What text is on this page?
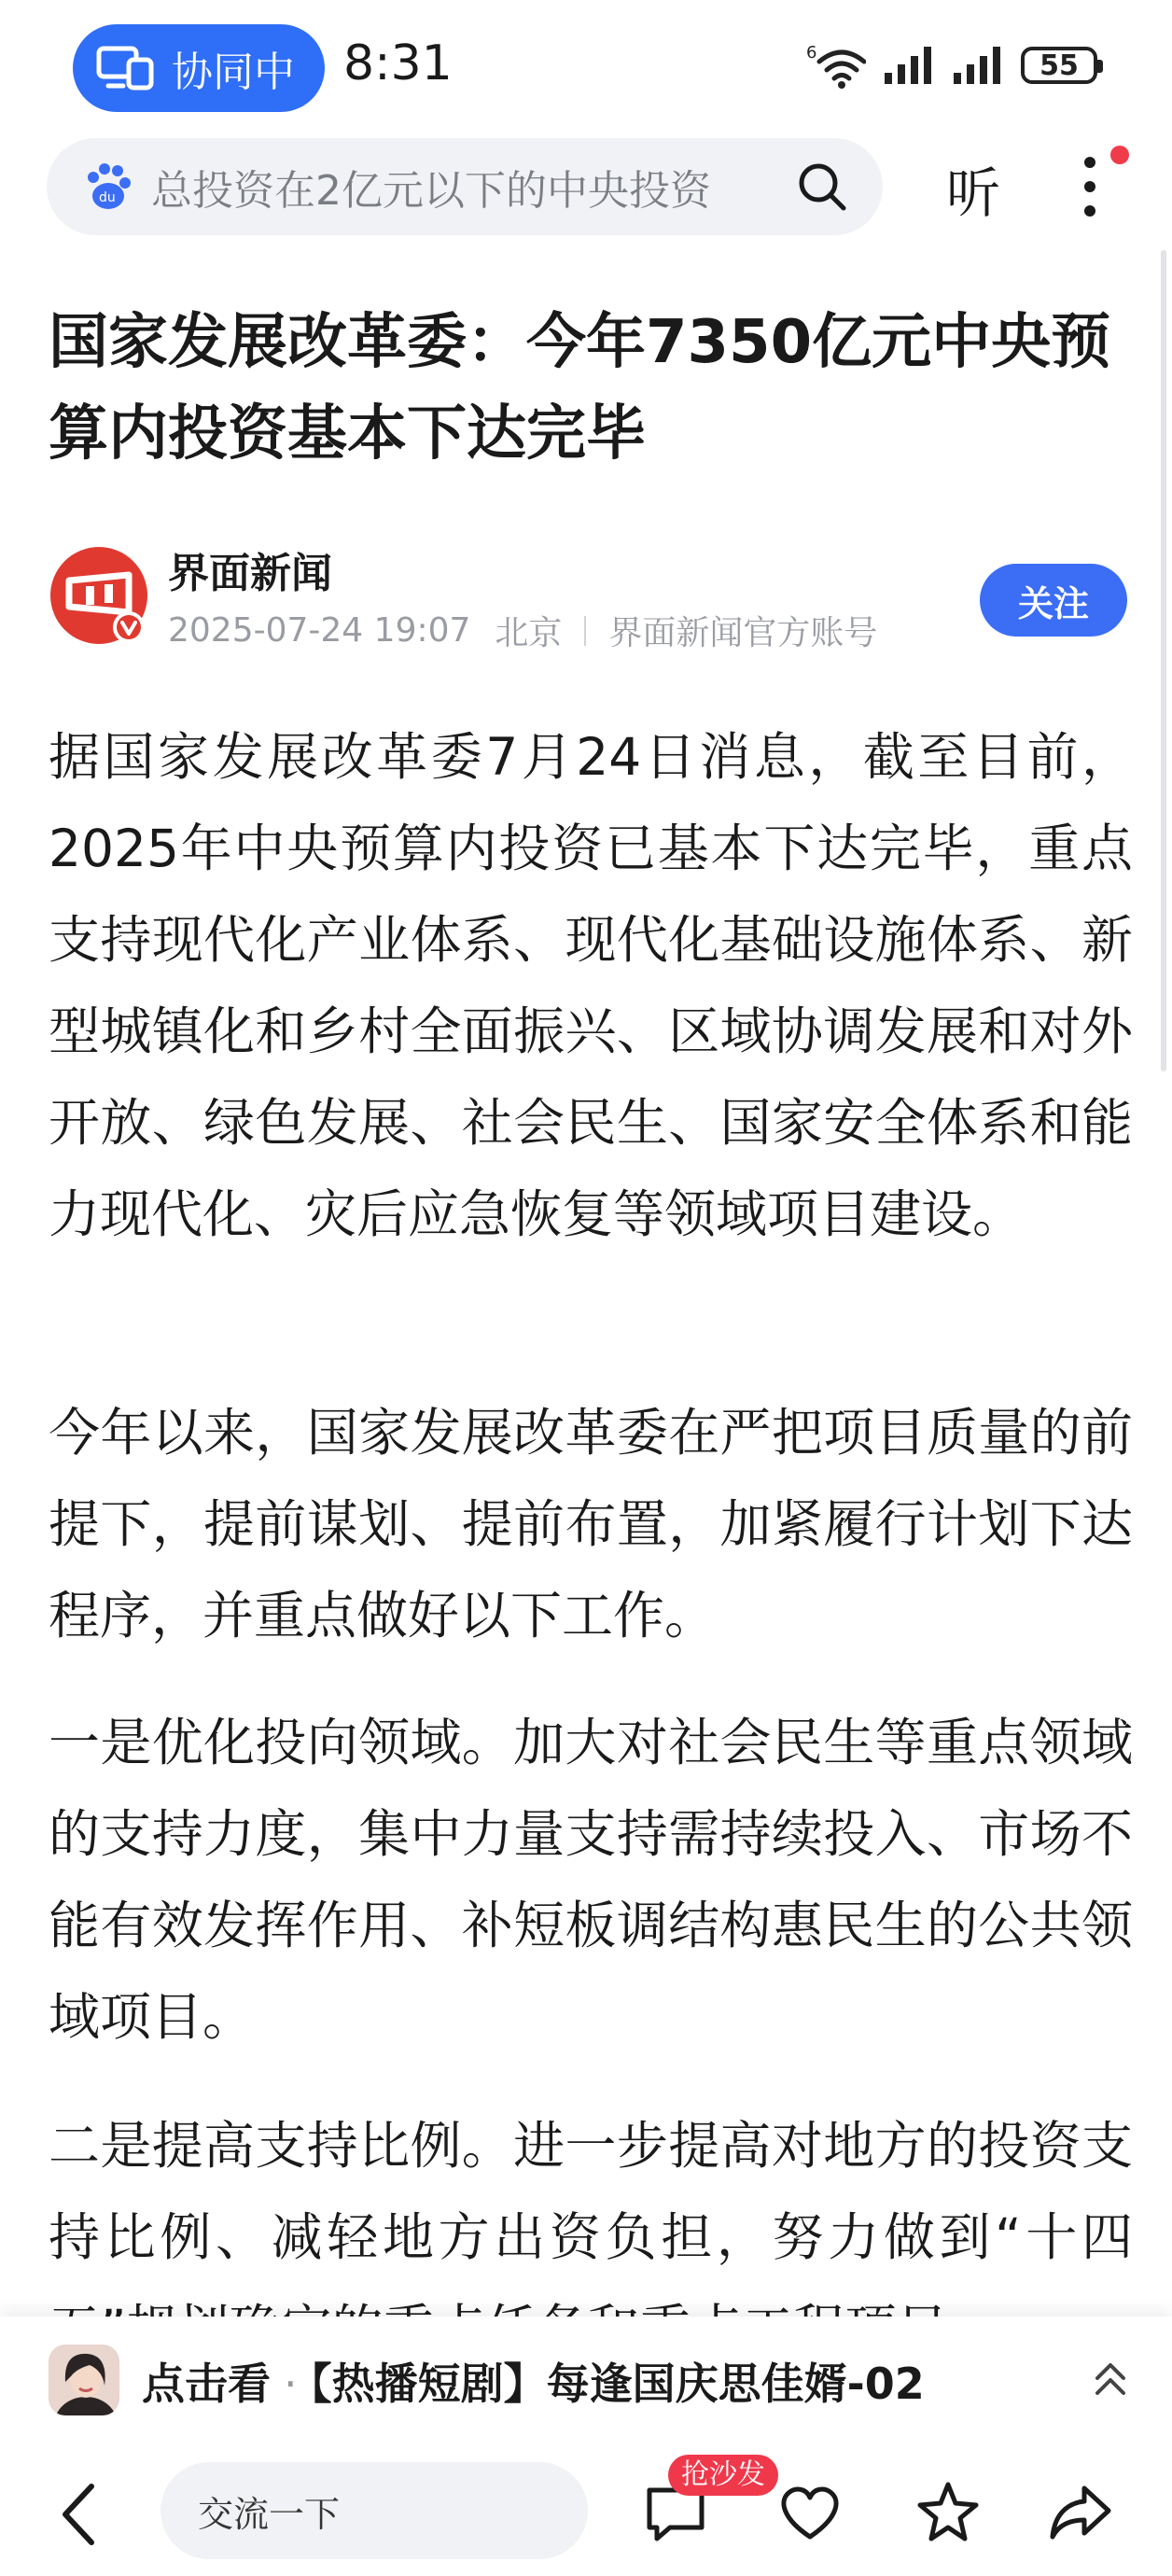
协同中 8:31	6	55
du 总投资在2亿元以下的中央投资	听
国家发展改革委：今年7350亿元中央预算内投资基本下达完毕
界面新闻
2025-07-24 19:07 北京 界面新闻官方账号
关注

据国家发展改革委7月24日消息，截至目前，2025年中央预算内投资已基本下达完毕，重点支持现代化产业体系、现代化基础设施体系、新型城镇化和乡村全面振兴、区域协调发展和对外开放、绿色发展、社会民生、国家安全体系和能力现代化、灾后应急恢复等领域项目建设。

今年以来，国家发展改革委在严把项目质量的前提下，提前谋划、提前布置，加紧履行计划下达程序，并重点做好以下工作。

一是优化投向领域。加大对社会民生等重点领域的支持力度，集中力量支持需持续投入、市场不能有效发挥作用、补短板调结构惠民生的公共领域项目。

二是提高支持比例。进一步提高对地方的投资支持比例、减轻地方出资负担，努力做到“十四

点击看 · 【热播短剧】每逢国庆思佳婿-02
交流一下
抢沙发
